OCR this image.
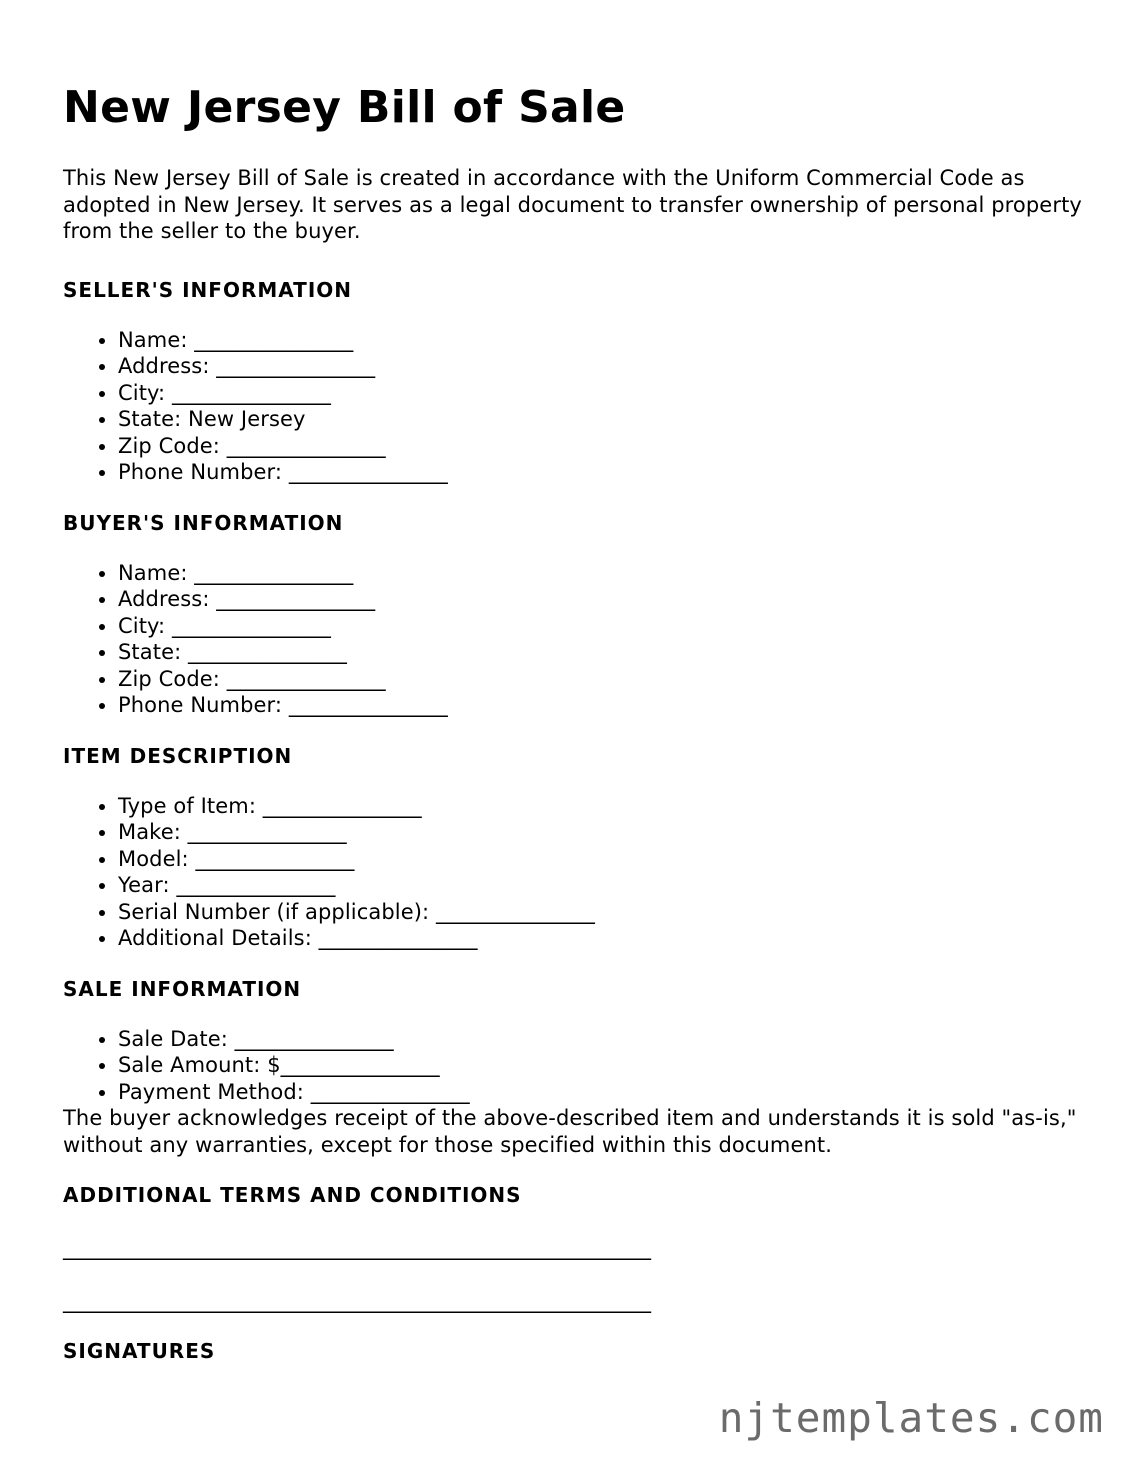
New Jersey Bill of Sale

This New Jersey Bill of Sale is created in accordance with the Uniform Commercial Code as adopted in New Jersey. It serves as a legal document to transfer ownership of personal property from the seller to the buyer.

SELLER'S INFORMATION
• Name: _______________
• Address: _______________
• City: _______________
• State: New Jersey
• Zip Code: _______________
• Phone Number: _______________
BUYER'S INFORMATION
• Name: _______________
• Address: _______________
• City: _______________
• State: _______________
• Zip Code: _______________
• Phone Number: _______________
ITEM DESCRIPTION
• Type of Item: _______________
• Make: _______________
• Model: _______________
• Year: _______________
• Serial Number (if applicable): _______________
• Additional Details: _______________
SALE INFORMATION
• Sale Date: _______________
• Sale Amount: $_______________
• Payment Method: _______________

The buyer acknowledges receipt of the above-described item and understands it is sold "as-is," without any warranties, except for those specified within this document.

ADDITIONAL TERMS AND CONDITIONS
________________________________________________________
________________________________________________________
SIGNATURES
njtemplates.com
